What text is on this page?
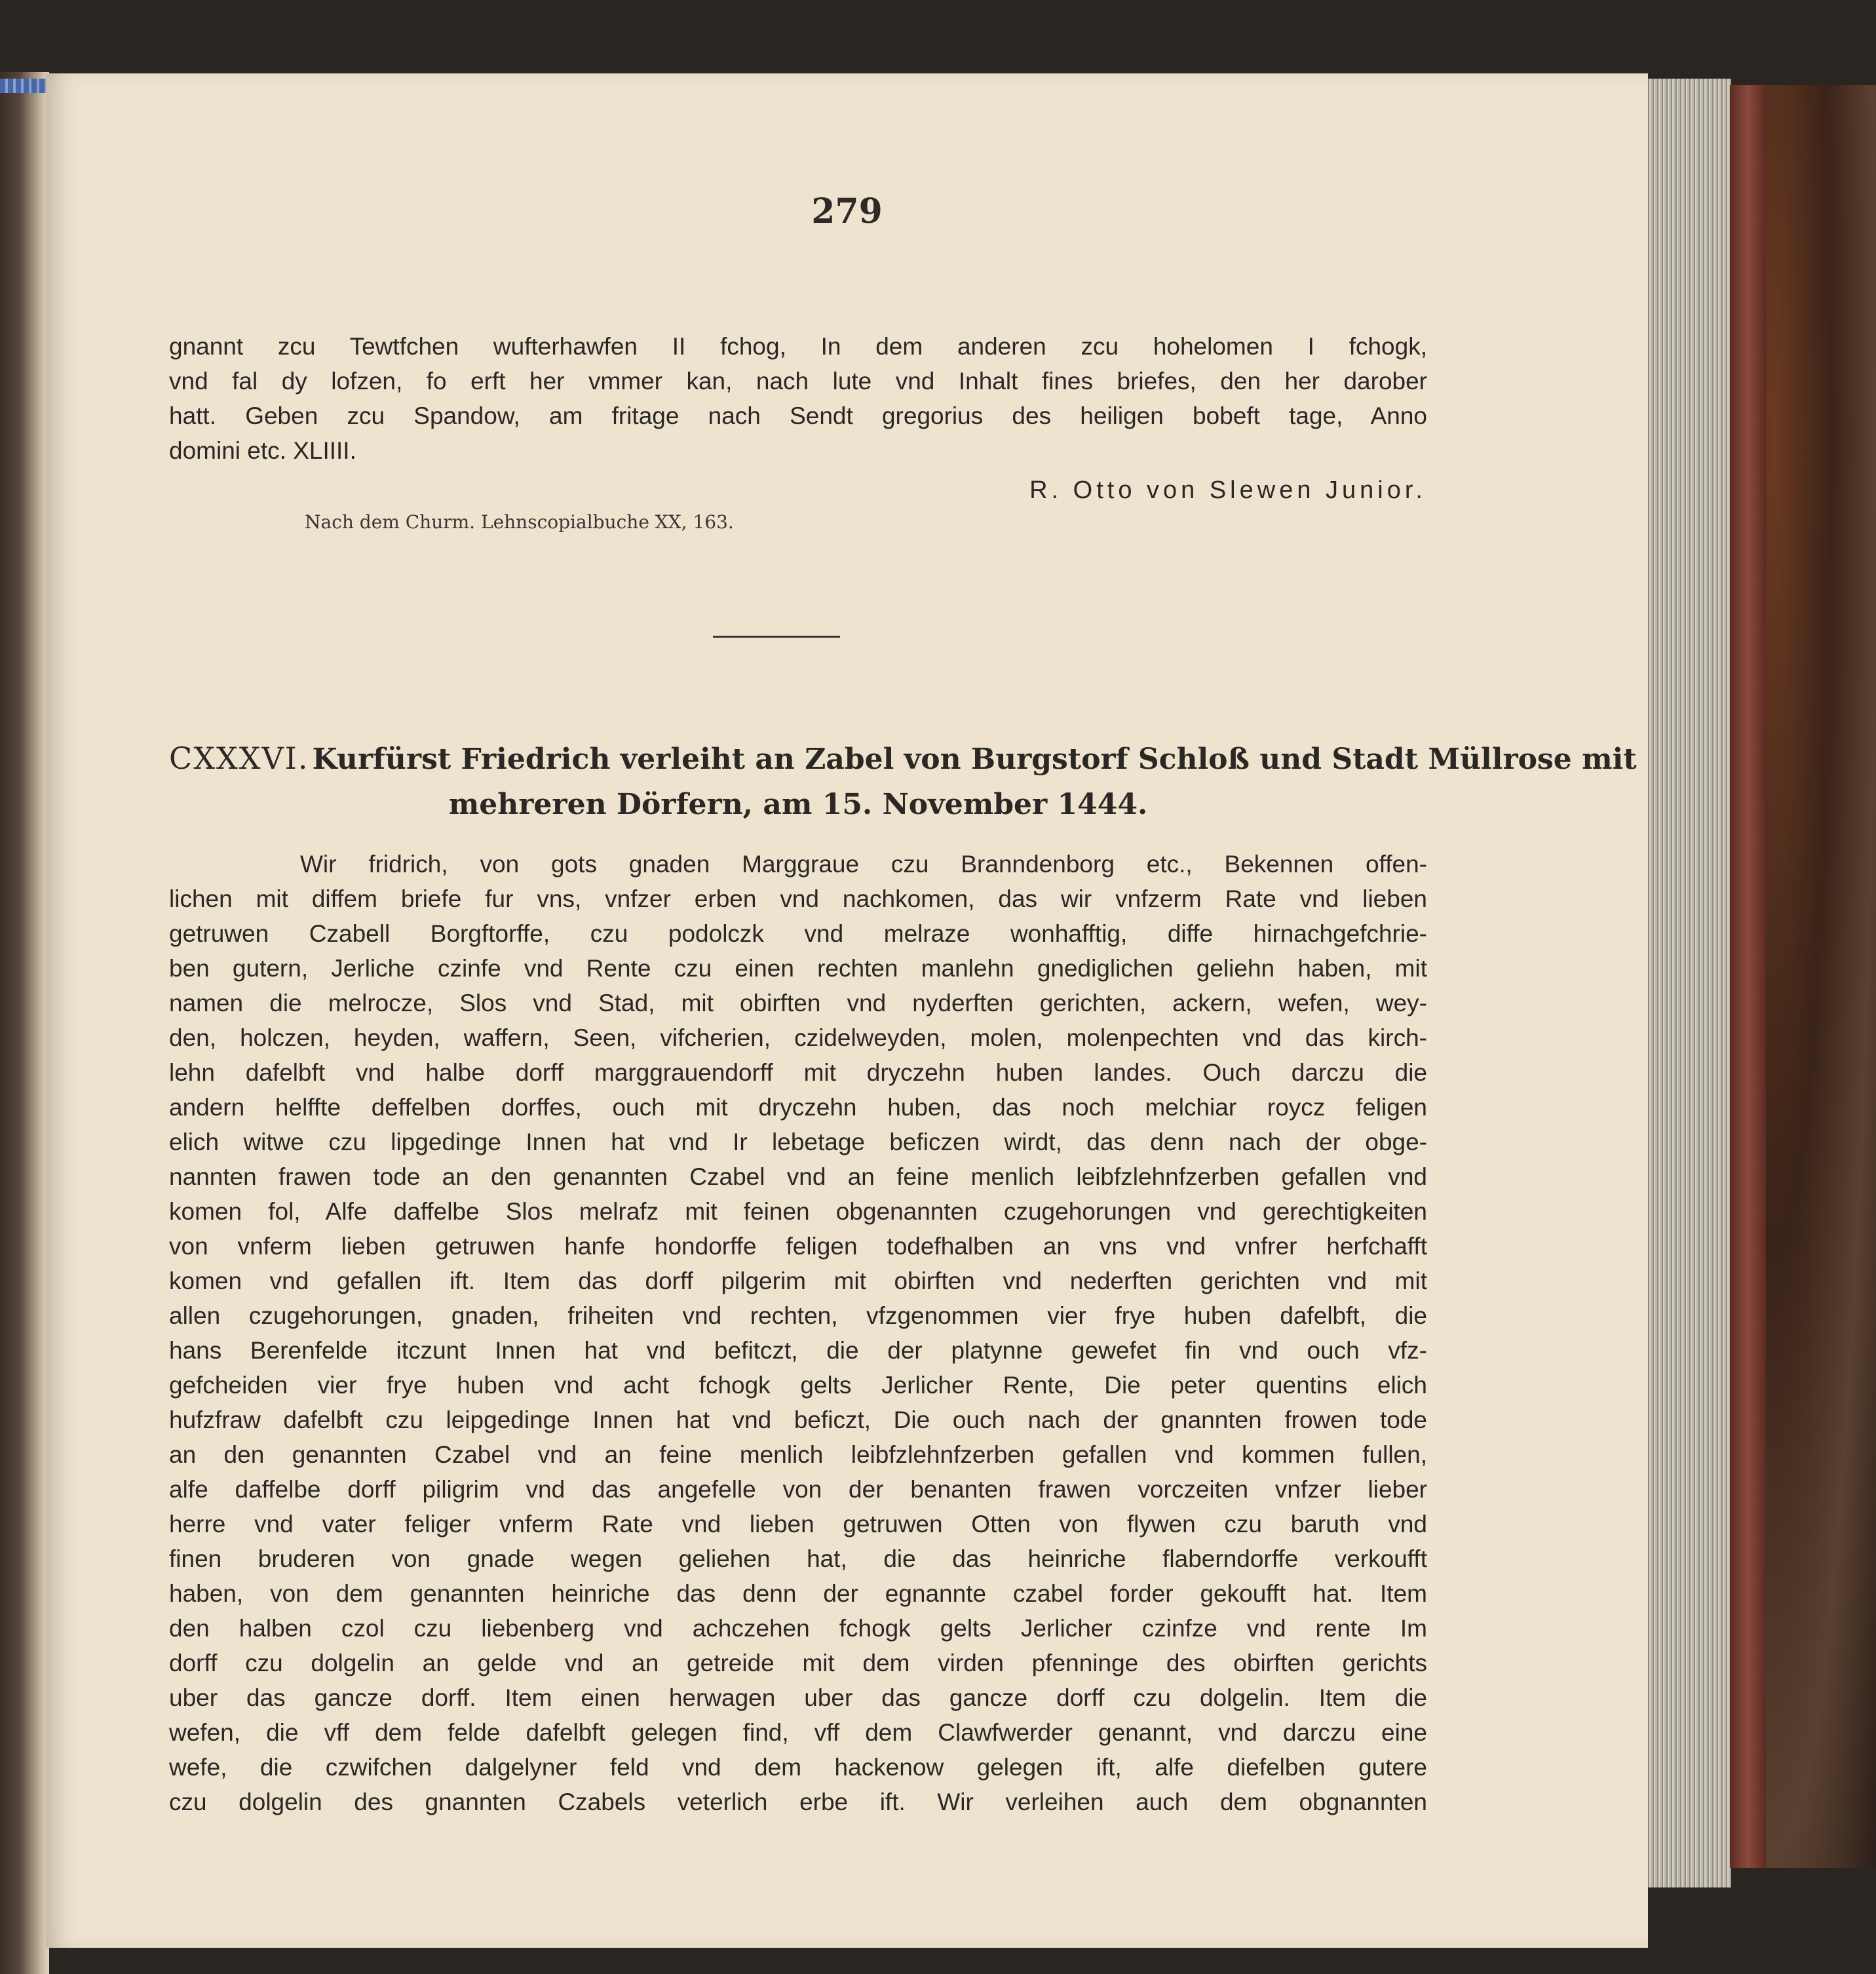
279
gnannt zcu Tewtfchen wufterhawfen II fchog, In dem anderen zcu hohelomen I fchogk,
vnd fal dy lofzen, fo erft her vmmer kan, nach lute vnd Inhalt fines briefes, den her darober
hatt. Geben zcu Spandow, am fritage nach Sendt gregorius des heiligen bobeft tage, Anno
domini etc. XLIIII.
R. Otto von Slewen Junior.
Nach dem Churm. Lehnscopialbuche XX, 163.
CXXXVI. Kurfürst Friedrich verleiht an Zabel von Burgstorf Schloß und Stadt Müllrose mit
mehreren Dörfern, am 15. November 1444.
Wir fridrich, von gots gnaden Marggraue czu Branndenborg etc., Bekennen offen-
lichen mit diffem briefe fur vns, vnfzer erben vnd nachkomen, das wir vnfzerm Rate vnd lieben
getruwen Czabell Borgftorffe, czu podolczk vnd melraze wonhafftig, diffe hirnachgefchrie-
ben gutern, Jerliche czinfe vnd Rente czu einen rechten manlehn gnediglichen geliehn haben, mit
namen die melrocze, Slos vnd Stad, mit obirften vnd nyderften gerichten, ackern, wefen, wey-
den, holczen, heyden, waffern, Seen, vifcherien, czidelweyden, molen, molenpechten vnd das kirch-
lehn dafelbft vnd halbe dorff marggrauendorff mit dryczehn huben landes. Ouch darczu die
andern helffte deffelben dorffes, ouch mit dryczehn huben, das noch melchiar roycz feligen
elich witwe czu lipgedinge Innen hat vnd Ir lebetage beficzen wirdt, das denn nach der obge-
nannten frawen tode an den genannten Czabel vnd an feine menlich leibfzlehnfzerben gefallen vnd
komen fol, Alfe daffelbe Slos melrafz mit feinen obgenannten czugehorungen vnd gerechtigkeiten
von vnferm lieben getruwen hanfe hondorffe feligen todefhalben an vns vnd vnfrer herfchafft
komen vnd gefallen ift. Item das dorff pilgerim mit obirften vnd nederften gerichten vnd mit
allen czugehorungen, gnaden, friheiten vnd rechten, vfzgenommen vier frye huben dafelbft, die
hans Berenfelde itczunt Innen hat vnd befitczt, die der platynne gewefet fin vnd ouch vfz-
gefcheiden vier frye huben vnd acht fchogk gelts Jerlicher Rente, Die peter quentins elich
hufzfraw dafelbft czu leipgedinge Innen hat vnd beficzt, Die ouch nach der gnannten frowen tode
an den genannten Czabel vnd an feine menlich leibfzlehnfzerben gefallen vnd kommen fullen,
alfe daffelbe dorff piligrim vnd das angefelle von der benanten frawen vorczeiten vnfzer lieber
herre vnd vater feliger vnferm Rate vnd lieben getruwen Otten von flywen czu baruth vnd
finen bruderen von gnade wegen geliehen hat, die das heinriche flaberndorffe verkoufft
haben, von dem genannten heinriche das denn der egnannte czabel forder gekoufft hat. Item
den halben czol czu liebenberg vnd achczehen fchogk gelts Jerlicher czinfze vnd rente Im
dorff czu dolgelin an gelde vnd an getreide mit dem virden pfenninge des obirften gerichts
uber das gancze dorff. Item einen herwagen uber das gancze dorff czu dolgelin. Item die
wefen, die vff dem felde dafelbft gelegen find, vff dem Clawfwerder genannt, vnd darczu eine
wefe, die czwifchen dalgelyner feld vnd dem hackenow gelegen ift, alfe diefelben gutere
czu dolgelin des gnannten Czabels veterlich erbe ift. Wir verleihen auch dem obgnannten
